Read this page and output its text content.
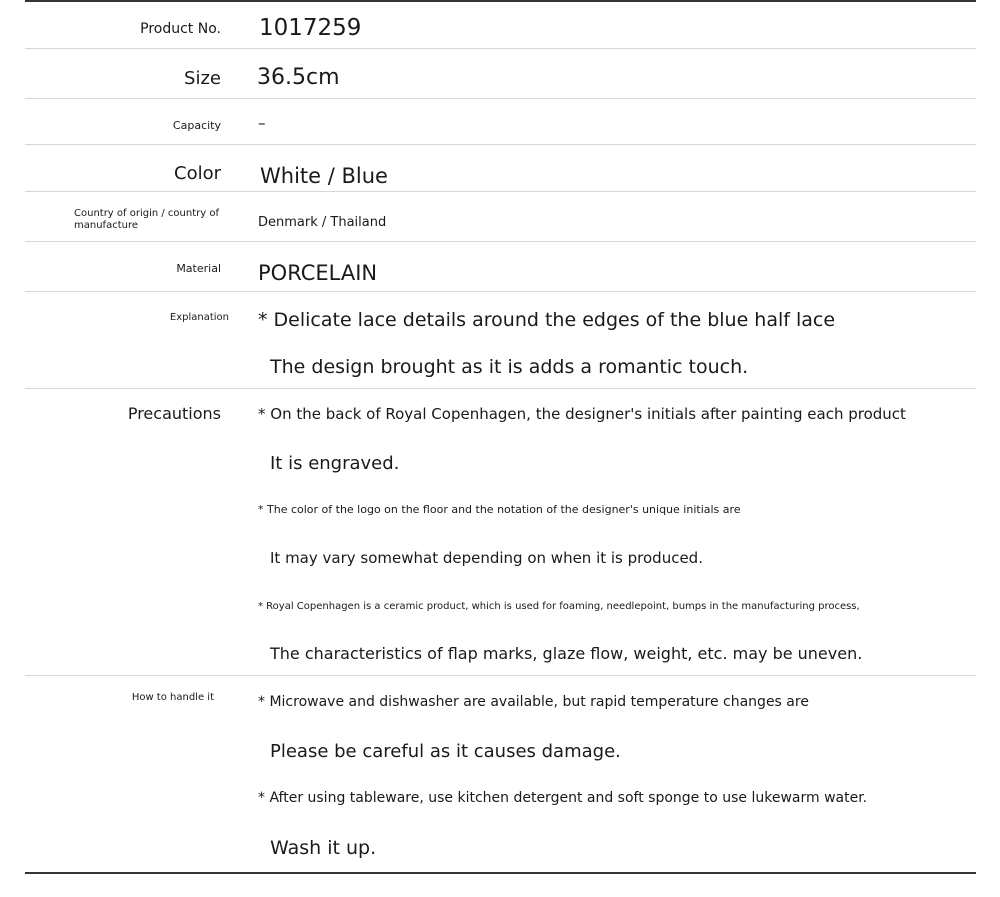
Product No. 1017259
Size 36.5cm
Capacity –
Color White / Blue
Country of origin / country of manufacture	Denmark / Thailand
Material PORCELAIN
Explanation * Delicate lace details around the edges of the blue half lace
The design brought as it is adds a romantic touch.
Precautions * On the back of Royal Copenhagen, the designer's initials after painting each product
It is engraved.
* The color of the logo on the floor and the notation of the designer's unique initials are
It may vary somewhat depending on when it is produced.
* Royal Copenhagen is a ceramic product, which is used for foaming, needlepoint, bumps in the manufacturing process,
The characteristics of flap marks, glaze flow, weight, etc. may be uneven.
How to handle it	* Microwave and dishwasher are available, but rapid temperature changes are
Please be careful as it causes damage.
* After using tableware, use kitchen detergent and soft sponge to use lukewarm water.
Wash it up.
